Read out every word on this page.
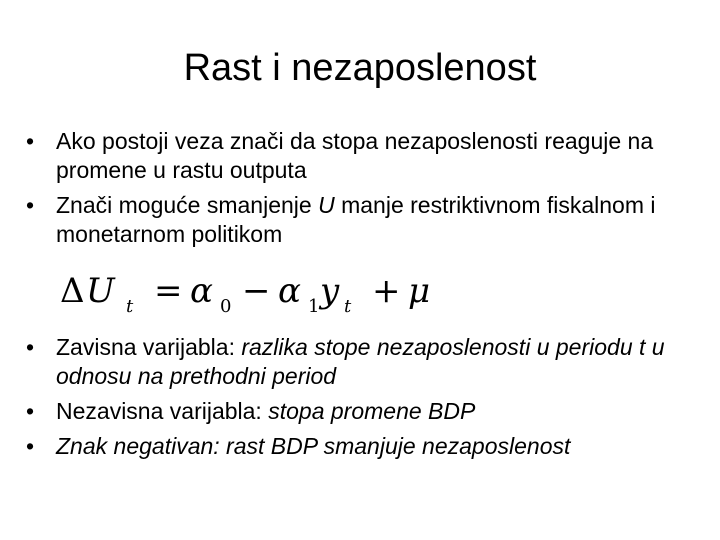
Rast i nezaposlenost
• Ako postoji veza znači da stopa nezaposlenosti reaguje na promene u rastu outputa
• Znači moguće smanjenje U manje restriktivnom fiskalnom i monetarnom politikom
Δ U t = α 0 − α 1 y t + μ
• Zavisna varijabla: razlika stope nezaposlenosti u periodu t u odnosu na prethodni period
• Nezavisna varijabla: stopa promene BDP
• Znak negativan: rast BDP smanjuje nezaposlenost
